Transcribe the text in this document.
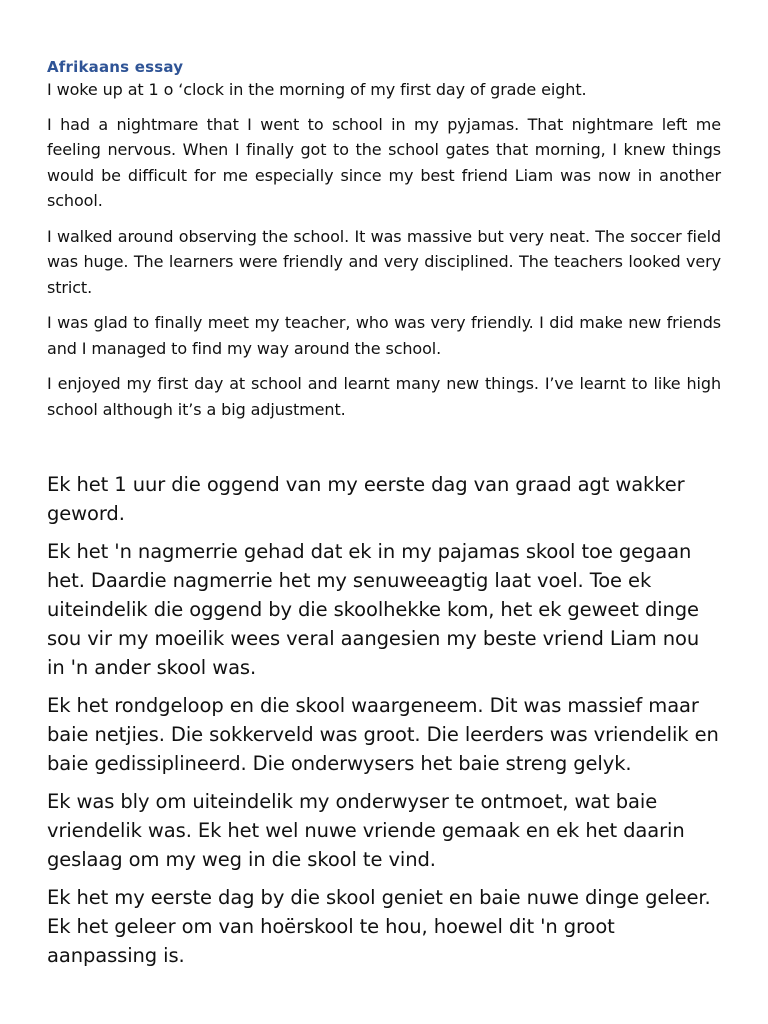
Afrikaans essay

I woke up at 1 o ‘clock in the morning of my first day of grade eight.

I had a nightmare that I went to school in my pyjamas. That nightmare left me feeling nervous. When I finally got to the school gates that morning, I knew things would be difficult for me especially since my best friend Liam was now in another school.

I walked around observing the school. It was massive but very neat. The soccer field was huge. The learners were friendly and very disciplined. The teachers looked very strict.

I was glad to finally meet my teacher, who was very friendly. I did make new friends and I managed to find my way around the school.

I enjoyed my first day at school and learnt many new things. I’ve learnt to like high school although it’s a big adjustment.

Ek het 1 uur die oggend van my eerste dag van graad agt wakker geword.

Ek het 'n nagmerrie gehad dat ek in my pajamas skool toe gegaan het. Daardie nagmerrie het my senuweeagtig laat voel. Toe ek uiteindelik die oggend by die skoolhekke kom, het ek geweet dinge sou vir my moeilik wees veral aangesien my beste vriend Liam nou in 'n ander skool was.

Ek het rondgeloop en die skool waargeneem. Dit was massief maar baie netjies. Die sokkerveld was groot. Die leerders was vriendelik en baie gedissiplineerd. Die onderwysers het baie streng gelyk.

Ek was bly om uiteindelik my onderwyser te ontmoet, wat baie vriendelik was. Ek het wel nuwe vriende gemaak en ek het daarin geslaag om my weg in die skool te vind.

Ek het my eerste dag by die skool geniet en baie nuwe dinge geleer. Ek het geleer om van hoërskool te hou, hoewel dit 'n groot aanpassing is.
